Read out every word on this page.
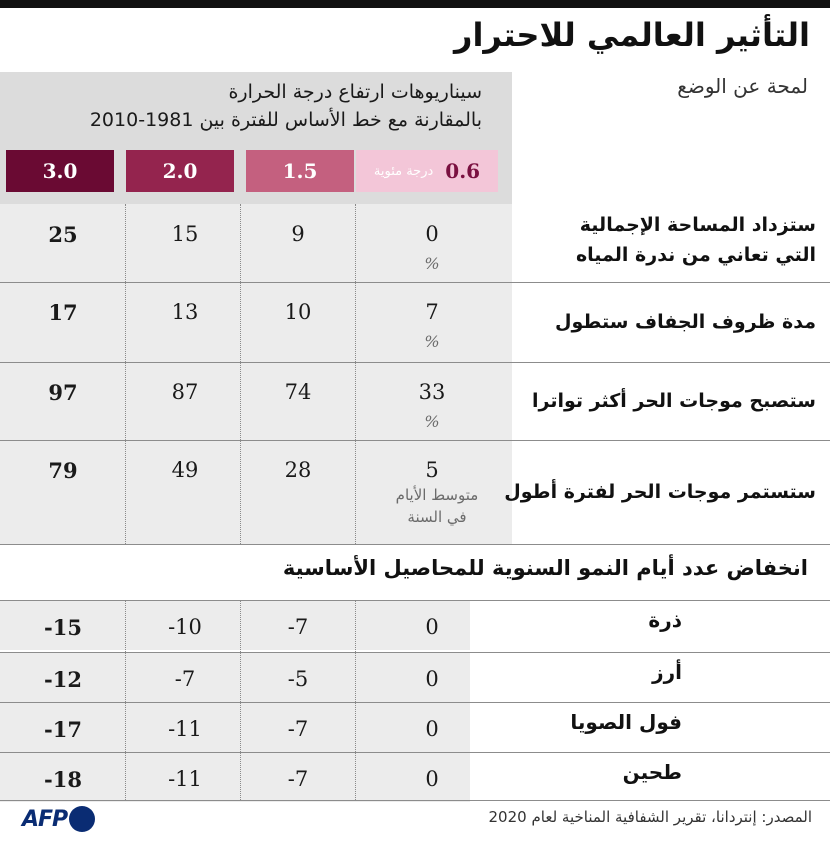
التأثير العالمي للاحترار
لمحة عن الوضع
سيناريوهات ارتفاع درجة الحرارة
بالمقارنة مع خط الأساس للفترة بين 1981-2010
0.6
درجة مئوية
1.5
2.0
3.0
ستزداد المساحة الإجمالية
التي تعاني من ندرة المياه
0
9
15
25
%
مدة ظروف الجفاف ستطول
7
10
13
17
%
ستصبح موجات الحر أكثر تواترا
33
74
87
97
%
ستستمر موجات الحر لفترة أطول
5
28
49
79
متوسط الأيام
في السنة
انخفاض عدد أيام النمو السنوية للمحاصيل الأساسية
ذرة
0
-7
-10
-15
أرز
0
-5
-7
-12
فول الصويا
0
-7
-11
-17
طحين
0
-7
-11
-18
المصدر: إنتردانا، تقرير الشفافية المناخية لعام 2020
AFP
